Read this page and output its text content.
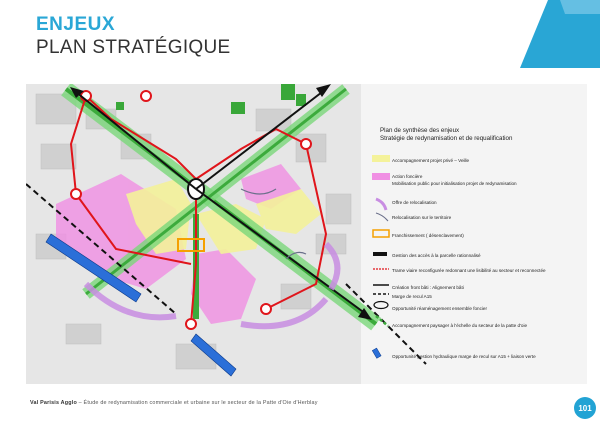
ENJEUX
PLAN STRATÉGIQUE
Plan de synthèse des enjeux
Stratégie de redynamisation et de requalification
Accompagnement projet privé – Veille
Action foncière
Mobilisation public pour initialisation projet de redynamisation
Offre de relocalisation
Relocalisation sur le territoire
Franchissement ( désenclavement)
Gestion des accès à la parcelle rationnalisé
Trame viaire reconfigurée redonnant une lisibilité au secteur et reconnectée
Création front bâti : Alignement bâti
Marge de recul A15
Opportunité réaménagement ensemble foncier
Accompagnement paysager à l'échelle du secteur de la patte d'oie
Opportunité gestion hydraulique marge de recul sur A15 + liaison verte
Val Parisis Agglo – Étude de redynamisation commerciale et urbaine sur le secteur de la Patte d'Oie d'Herblay
101
